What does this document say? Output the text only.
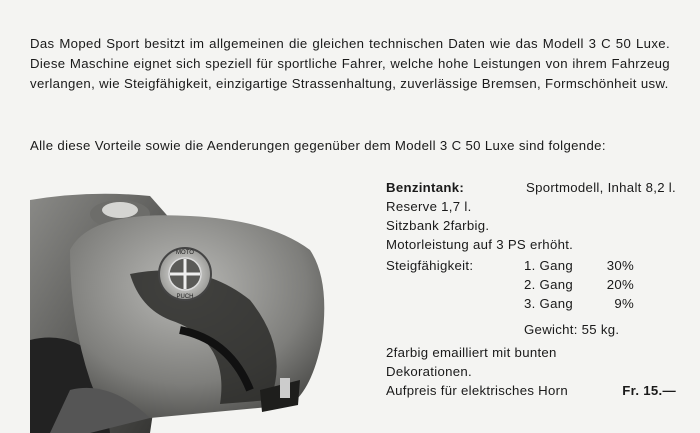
Das Moped Sport besitzt im allgemeinen die gleichen technischen Daten wie das Modell 3 C 50 Luxe. Diese Maschine eignet sich speziell für sportliche Fahrer, welche hohe Leistungen von ihrem Fahrzeug verlangen, wie Steigfähigkeit, einzigartige Strassenhaltung, zuverlässige Bremsen, Formschönheit usw.

Alle diese Vorteile sowie die Aenderungen gegenüber dem Modell 3 C 50 Luxe sind folgende:
MOTO
PUCH
Benzintank:	Sportmodell, Inhalt 8,2 l.
Reserve 1,7 l.
Sitzbank 2farbig.
Motorleistung auf 3 PS erhöht.
Steigfähigkeit:	1. Gang	30%
2. Gang	20%
3. Gang	9%
Gewicht: 55 kg.
2farbig emailliert mit bunten
Dekorationen.
Aufpreis für elektrisches Horn	Fr. 15.—
